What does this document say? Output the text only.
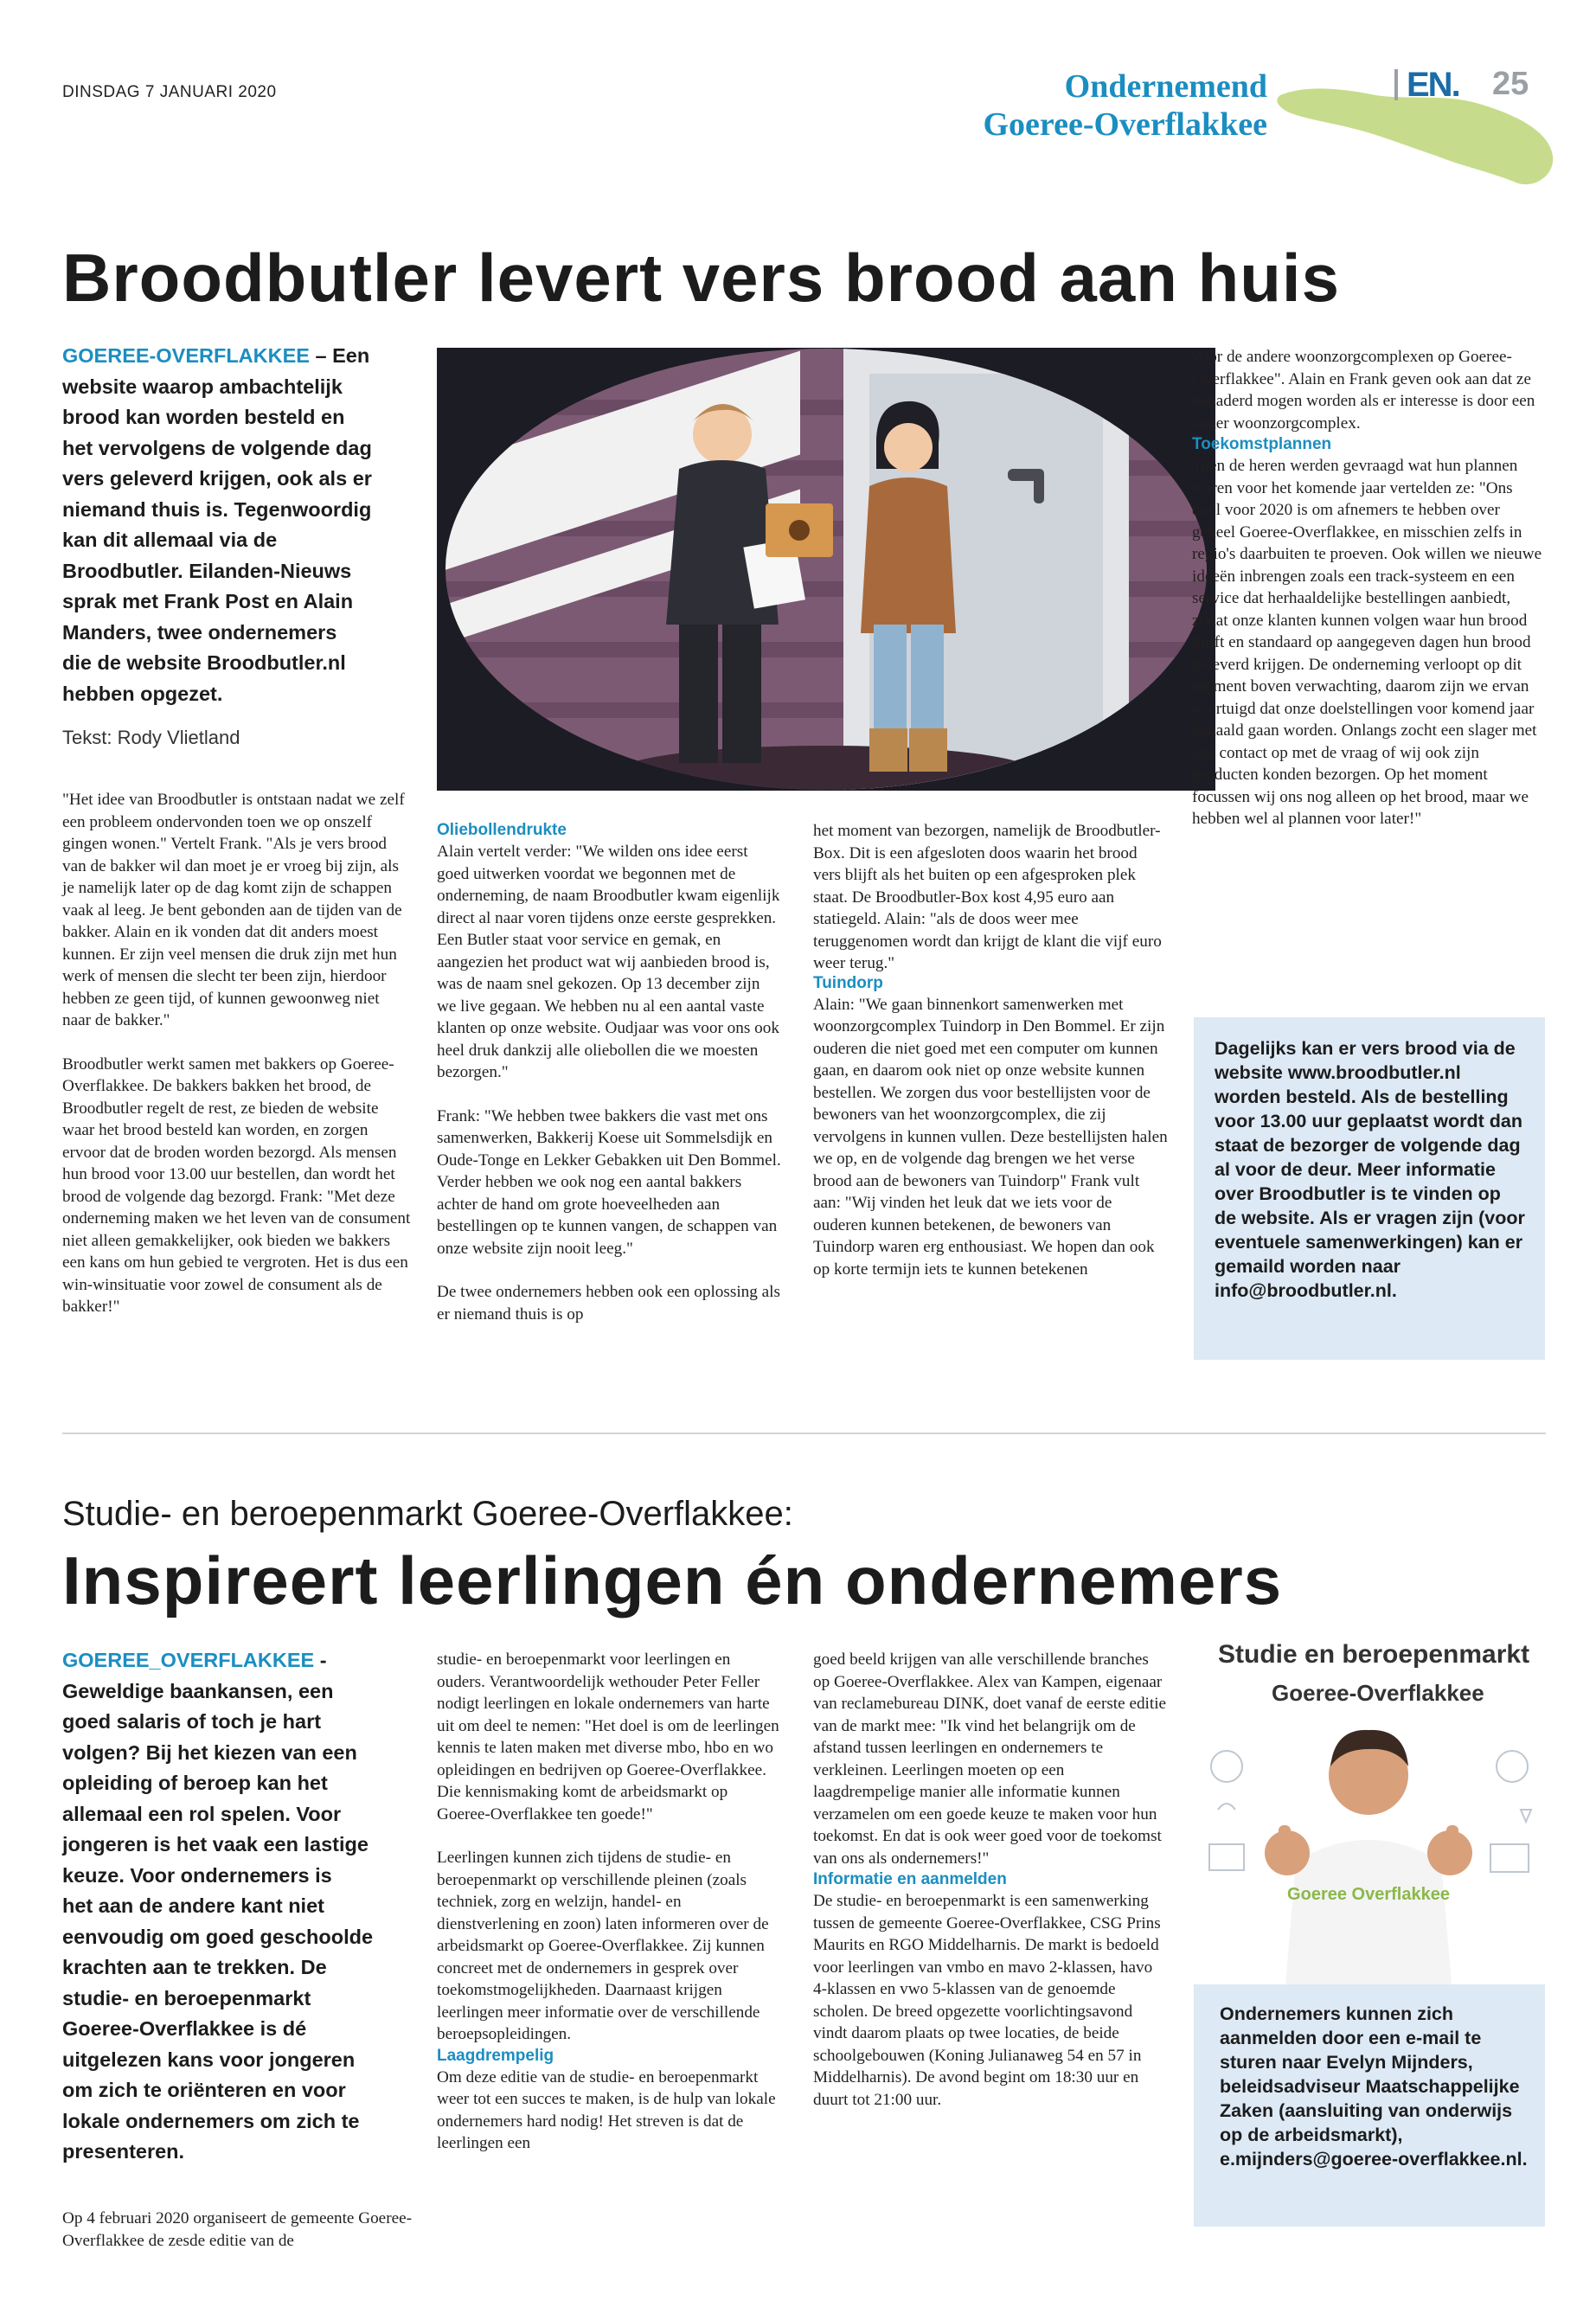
DINSDAG 7 JANUARI 2020	Ondernemend
Goeree-Overflakkee
EN. 25
Broodbutler levert vers brood aan huis
GOEREE-OVERFLAKKEE – Een
website waarop ambachtelijk
brood kan worden besteld en
het vervolgens de volgende dag
vers geleverd krijgen, ook als er
niemand thuis is. Tegenwoordig
kan dit allemaal via de
Broodbutler. Eilanden-Nieuws
sprak met Frank Post en Alain
Manders, twee ondernemers
die de website Broodbutler.nl
hebben opgezet.
Tekst: Rody Vlietland

"Het idee van Broodbutler is ontstaan nadat we zelf een probleem ondervonden toen we op onszelf gingen wonen." Vertelt Frank. "Als je vers brood van de bakker wil dan moet je er vroeg bij zijn, als je namelijk later op de dag komt zijn de schappen vaak al leeg. Je bent gebonden aan de tijden van de bakker. Alain en ik vonden dat dit anders moest kunnen. Er zijn veel mensen die druk zijn met hun werk of mensen die slecht ter been zijn, hierdoor hebben ze geen tijd, of kunnen gewoonweg niet naar de bakker."

Broodbutler werkt samen met bakkers op Goeree-Overflakkee. De bakkers bakken het brood, de Broodbutler regelt de rest, ze bieden de website waar het brood besteld kan worden, en zorgen ervoor dat de broden worden bezorgd. Als mensen hun brood voor 13.00 uur bestellen, dan wordt het brood de volgende dag bezorgd. Frank: "Met deze onderneming maken we het leven van de consument niet alleen gemakkelijker, ook bieden we bakkers een kans om hun gebied te vergroten. Het is dus een win-winsituatie voor zowel de consument als de bakker!"

Oliebollendrukte

Alain vertelt verder: "We wilden ons idee eerst goed uitwerken voordat we begonnen met de onderneming, de naam Broodbutler kwam eigenlijk direct al naar voren tijdens onze eerste gesprekken. Een Butler staat voor service en gemak, en aangezien het product wat wij aanbieden brood is, was de naam snel gekozen. Op 13 december zijn we live gegaan. We hebben nu al een aantal vaste klanten op onze website. Oudjaar was voor ons ook heel druk dankzij alle oliebollen die we moesten bezorgen."

Frank: "We hebben twee bakkers die vast met ons samenwerken, Bakkerij Koese uit Sommelsdijk en Oude-Tonge en Lekker Gebakken uit Den Bommel. Verder hebben we ook nog een aantal bakkers achter de hand om grote hoeveelheden aan bestellingen op te kunnen vangen, de schappen van onze website zijn nooit leeg."

De twee ondernemers hebben ook een oplossing als er niemand thuis is op

het moment van bezorgen, namelijk de Broodbutler-Box. Dit is een afgesloten doos waarin het brood vers blijft als het buiten op een afgesproken plek staat. De Broodbutler-Box kost 4,95 euro aan statiegeld. Alain: "als de doos weer mee teruggenomen wordt dan krijgt de klant die vijf euro weer terug."

Tuindorp

Alain: "We gaan binnenkort samenwerken met woonzorgcomplex Tuindorp in Den Bommel. Er zijn ouderen die niet goed met een computer om kunnen gaan, en daarom ook niet op onze website kunnen bestellen. We zorgen dus voor bestellijsten voor de bewoners van het woonzorgcomplex, die zij vervolgens in kunnen vullen. Deze bestellijsten halen we op, en de volgende dag brengen we het verse brood aan de bewoners van Tuindorp" Frank vult aan: "Wij vinden het leuk dat we iets voor de ouderen kunnen betekenen, de bewoners van Tuindorp waren erg enthousiast. We hopen dan ook op korte termijn iets te kunnen betekenen

voor de andere woonzorgcomplexen op Goeree-Overflakkee". Alain en Frank geven ook aan dat ze benaderd mogen worden als er interesse is door een ander woonzorgcomplex.

Toekomstplannen

Toen de heren werden gevraagd wat hun plannen waren voor het komende jaar vertelden ze: "Ons doel voor 2020 is om afnemers te hebben over geheel Goeree-Overflakkee, en misschien zelfs in regio's daarbuiten te proeven. Ook willen we nieuwe ideeën inbrengen zoals een track-systeem en een service dat herhaaldelijke bestellingen aanbiedt, zodat onze klanten kunnen volgen waar hun brood blijft en standaard op aangegeven dagen hun brood geleverd krijgen. De onderneming verloopt op dit moment boven verwachting, daarom zijn we ervan overtuigd dat onze doelstellingen voor komend jaar behaald gaan worden. Onlangs zocht een slager met ons contact op met de vraag of wij ook zijn producten konden bezorgen. Op het moment focussen wij ons nog alleen op het brood, maar we hebben wel al plannen voor later!"

Dagelijks kan er vers brood via de website www.broodbutler.nl worden besteld. Als de bestelling voor 13.00 uur geplaatst wordt dan staat de bezorger de volgende dag al voor de deur. Meer informatie over Broodbutler is te vinden op de website. Als er vragen zijn (voor eventuele samenwerkingen) kan er gemaild worden naar info@broodbutler.nl.
Studie- en beroepenmarkt Goeree-Overflakkee:
Inspireert leerlingen én ondernemers
GOEREE_OVERFLAKKEE -
Geweldige baankansen, een
goed salaris of toch je hart
volgen? Bij het kiezen van een
opleiding of beroep kan het
allemaal een rol spelen. Voor
jongeren is het vaak een lastige
keuze. Voor ondernemers is
het aan de andere kant niet
eenvoudig om goed geschoolde
krachten aan te trekken. De
studie- en beroepenmarkt
Goeree-Overflakkee is dé
uitgelezen kans voor jongeren
om zich te oriënteren en voor
lokale ondernemers om zich te
presenteren.
Op 4 februari 2020 organiseert de gemeente Goeree-Overflakkee de zesde editie van de

studie- en beroepenmarkt voor leerlingen en ouders. Verantwoordelijk wethouder Peter Feller nodigt leerlingen en lokale ondernemers van harte uit om deel te nemen: "Het doel is om de leerlingen kennis te laten maken met diverse mbo, hbo en wo opleidingen en bedrijven op Goeree-Overflakkee. Die kennismaking komt de arbeidsmarkt op Goeree-Overflakkee ten goede!"

Leerlingen kunnen zich tijdens de studie- en beroepenmarkt op verschillende pleinen (zoals techniek, zorg en welzijn, handel- en dienstverlening en zoon) laten informeren over de arbeidsmarkt op Goeree-Overflakkee. Zij kunnen concreet met de ondernemers in gesprek over toekomstmogelijkheden. Daarnaast krijgen leerlingen meer informatie over de verschillende beroepsopleidingen.

Laagdrempelig

Om deze editie van de studie- en beroepenmarkt weer tot een succes te maken, is de hulp van lokale ondernemers hard nodig! Het streven is dat de leerlingen een

goed beeld krijgen van alle verschillende branches op Goeree-Overflakkee. Alex van Kampen, eigenaar van reclamebureau DINK, doet vanaf de eerste editie van de markt mee: "Ik vind het belangrijk om de afstand tussen leerlingen en ondernemers te verkleinen. Leerlingen moeten op een laagdrempelige manier alle informatie kunnen verzamelen om een goede keuze te maken voor hun toekomst. En dat is ook weer goed voor de toekomst van ons als ondernemers!"

Informatie en aanmelden

De studie- en beroepenmarkt is een samenwerking tussen de gemeente Goeree-Overflakkee, CSG Prins Maurits en RGO Middelharnis. De markt is bedoeld voor leerlingen van vmbo en mavo 2-klassen, havo 4-klassen en vwo 5-klassen van de genoemde scholen. De breed opgezette voorlichtingsavond vindt daarom plaats op twee locaties, de beide schoolgebouwen (Koning Julianaweg 54 en 57 in Middelharnis). De avond begint om 18:30 uur en duurt tot 21:00 uur.

Studie en beroepenmarkt
Goeree-Overflakkee
Goeree Overflakkee
Ondernemers kunnen zich aanmelden door een e-mail te sturen naar Evelyn Mijnders, beleidsadviseur Maatschappelijke Zaken (aansluiting van onderwijs op de arbeidsmarkt), e.mijnders@goeree-overflakkee.nl.
